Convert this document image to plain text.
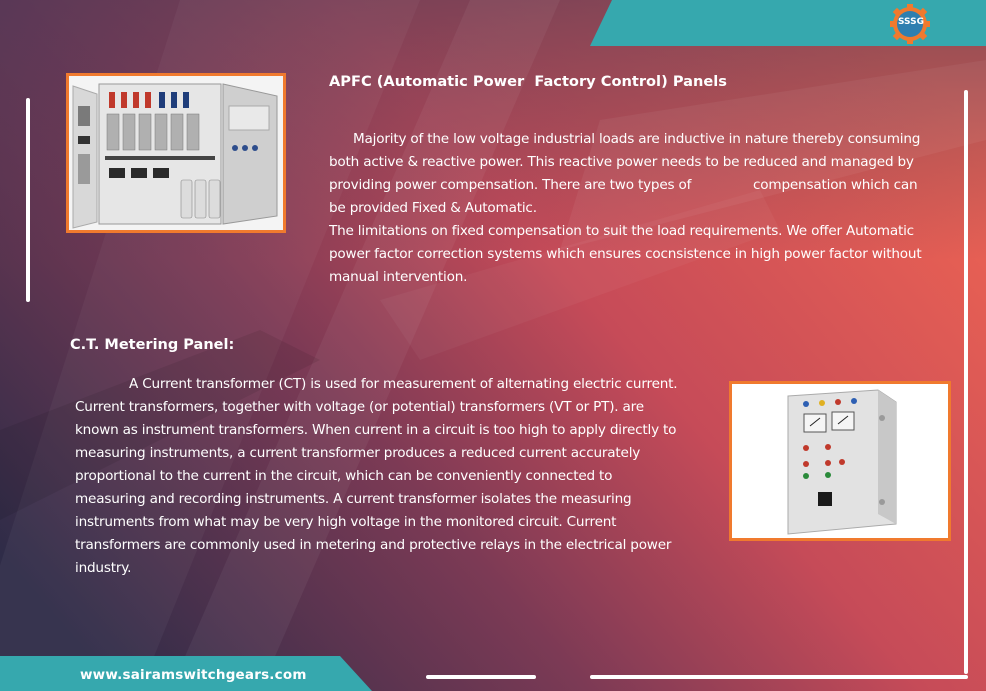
SSSG
APFC (Automatic Power  Factory Control) Panels
Majority of the low voltage industrial loads are inductive in nature thereby consuming
both active & reactive power. This reactive power needs to be reduced and managed by
providing power compensation. There are two types of               compensation which can
be provided Fixed & Automatic.
The limitations on fixed compensation to suit the load requirements. We offer Automatic
power factor correction systems which ensures cocnsistence in high power factor without
manual intervention.
C.T. Metering Panel:
A Current transformer (CT) is used for measurement of alternating electric current.
Current transformers, together with voltage (or potential) transformers (VT or PT). are
known as instrument transformers. When current in a circuit is too high to apply directly to
measuring instruments, a current transformer produces a reduced current accurately
proportional to the current in the circuit, which can be conveniently connected to
measuring and recording instruments. A current transformer isolates the measuring
instruments from what may be very high voltage in the monitored circuit. Current
transformers are commonly used in metering and protective relays in the electrical power
industry.
www.sairamswitchgears.com
